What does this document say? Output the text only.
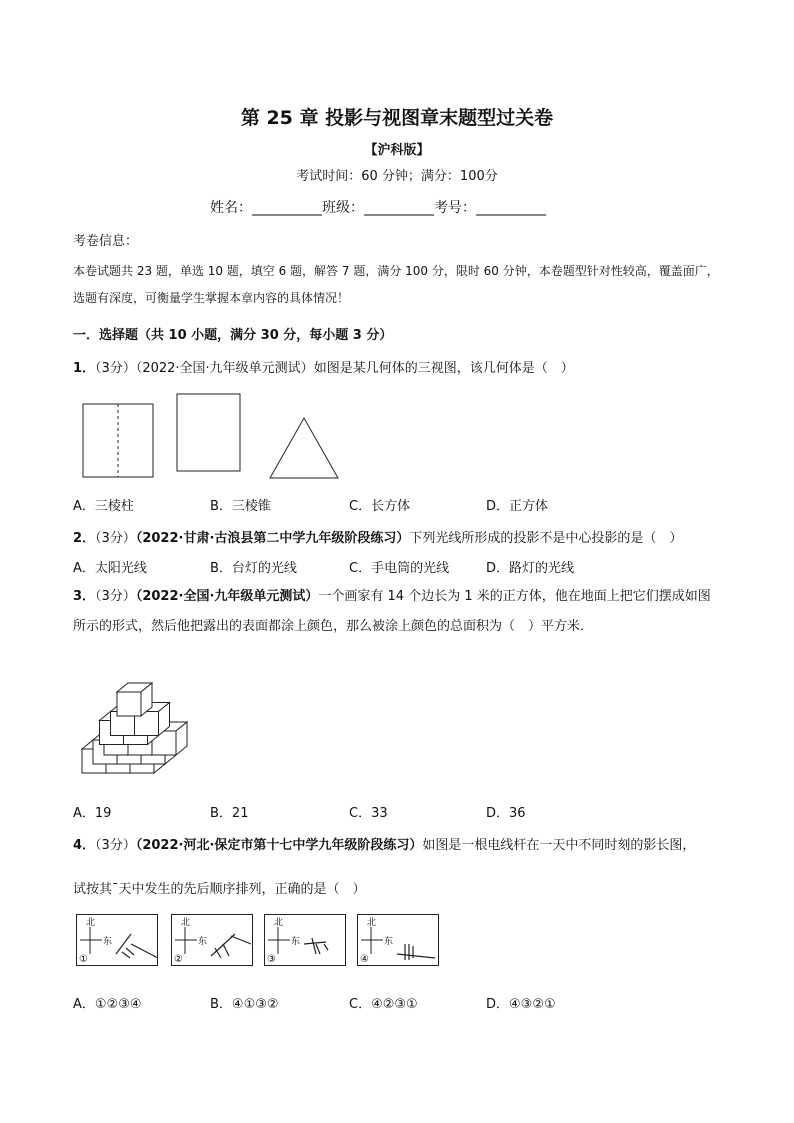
第 25 章 投影与视图章末题型过关卷
【沪科版】
考试时间：60 分钟；满分：100分
姓名：__________班级：__________考号：__________
考卷信息：
本卷试题共 23 题，单选 10 题，填空 6 题，解答 7 题，满分 100 分，限时 60 分钟，本卷题型针对性较高，覆盖面广，选题有深度，可衡量学生掌握本章内容的具体情况！
一．选择题（共 10 小题，满分 30 分，每小题 3 分）
1．（3分）（2022·全国·九年级单元测试）如图是某几何体的三视图，该几何体是（　）
A．三棱柱	B．三棱锥	C．长方体	D．正方体
2．（3分）（2022·甘肃·古浪县第二中学九年级阶段练习）下列光线所形成的投影不是中心投影的是（　）
A．太阳光线	B．台灯的光线	C．手电筒的光线	D．路灯的光线
3．（3分）（2022·全国·九年级单元测试）一个画家有 14 个边长为 1 米的正方体，他在地面上把它们摆成如图所示的形式，然后他把露出的表面都涂上颜色，那么被涂上颜色的总面积为（　）平方米．
A．19	B．21	C．33	D．36
4．（3分）（2022·河北·保定市第十七中学九年级阶段练习）如图是一根电线杆在一天中不同时刻的影长图，
试按其¯天中发生的先后顺序排列，正确的是（　）
北
东
①
北
东
②
北
东
③
北
东
④
A．①②③④	B．④①③②	C．④②③①	D．④③②①
